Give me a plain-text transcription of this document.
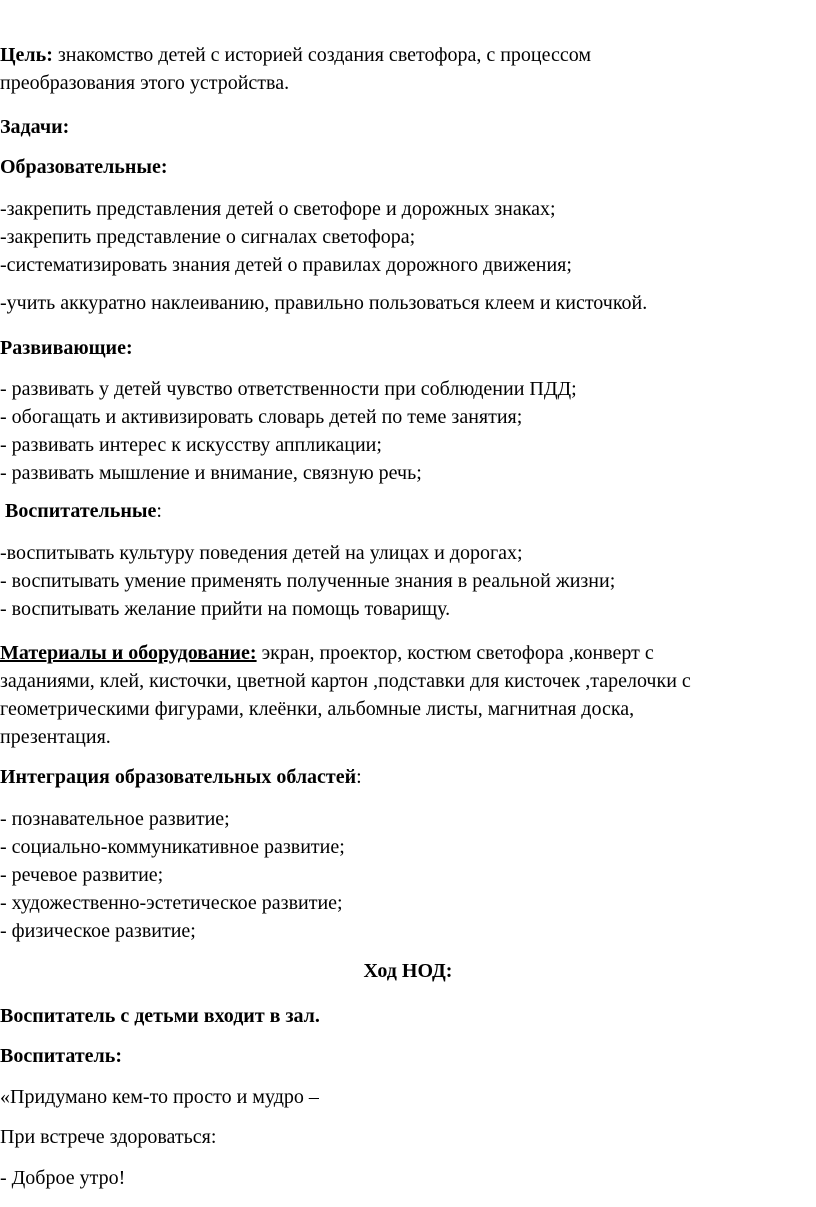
Цель: знакомство детей с историей создания светофора, с процессом
преобразования этого устройства.
Задачи:
Образовательные:
-закрепить представления детей о светофоре и дорожных знаках;
-закрепить представление о сигналах светофора;
-систематизировать знания детей о правилах дорожного движения;
-учить аккуратно наклеиванию, правильно пользоваться клеем и кисточкой.
Развивающие:
- развивать у детей чувство ответственности при соблюдении ПДД;
- обогащать и активизировать словарь детей по теме занятия;
- развивать интерес к искусству аппликации;
- развивать мышление и внимание, связную речь;
Воспитательные:
-воспитывать культуру поведения детей на улицах и дорогах;
- воспитывать умение применять полученные знания в реальной жизни;
- воспитывать желание прийти на помощь товарищу.
Материалы и оборудование: экран, проектор, костюм светофора ,конверт с
заданиями, клей, кисточки, цветной картон ,подставки для кисточек ,тарелочки с
геометрическими фигурами, клеёнки, альбомные листы, магнитная доска,
презентация.
Интеграция образовательных областей:
- познавательное развитие;
- социально-коммуникативное развитие;
- речевое развитие;
- художественно-эстетическое развитие;
- физическое развитие;
Ход НОД:
Воспитатель с детьми входит в зал.
Воспитатель:
«Придумано кем-то просто и мудро –
При встрече здороваться:
- Доброе утро!
